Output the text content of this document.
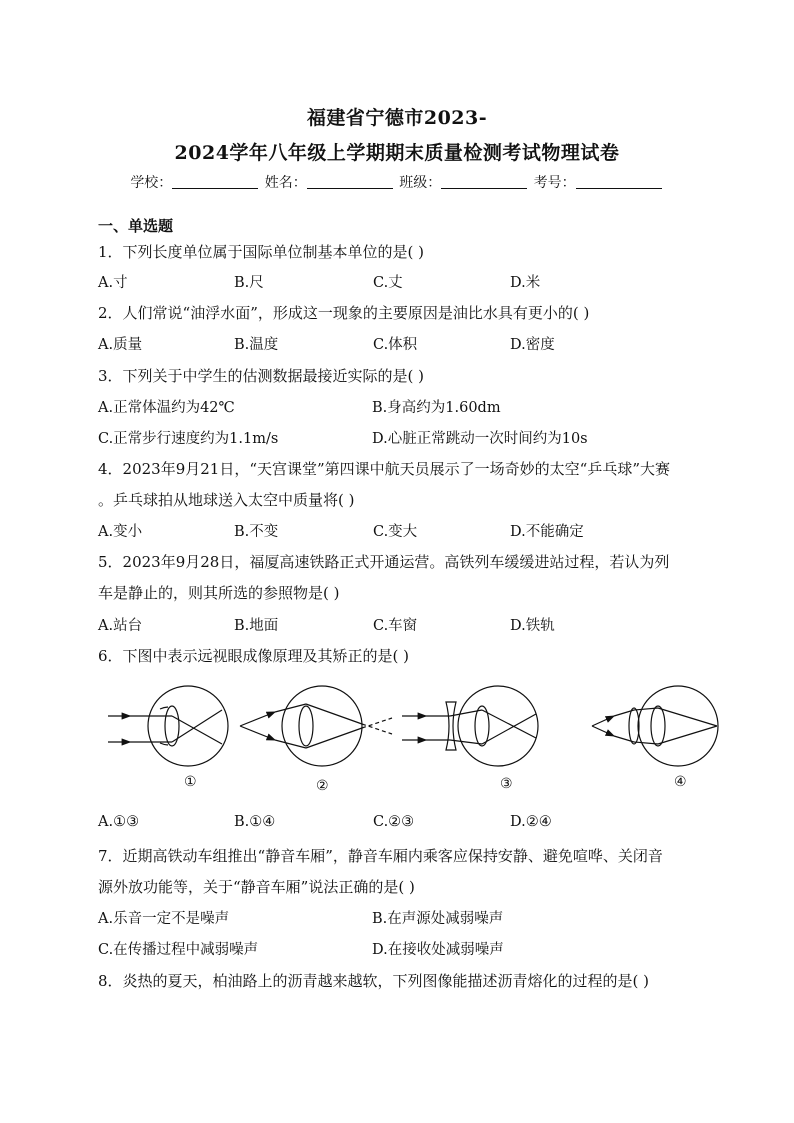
福建省宁德市2023-
2024学年八年级上学期期末质量检测考试物理试卷
学校：	姓名：	班级：	考号：
一、单选题
1．下列长度单位属于国际单位制基本单位的是( )
A.寸	B.尺	C.丈	D.米
2．人们常说“油浮水面”，形成这一现象的主要原因是油比水具有更小的( )
A.质量	B.温度	C.体积	D.密度
3．下列关于中学生的估测数据最接近实际的是( )
A.正常体温约为42℃	B.身高约为1.60dm
C.正常步行速度约为1.1m/s	D.心脏正常跳动一次时间约为10s
4．2023年9月21日，“天宫课堂”第四课中航天员展示了一场奇妙的太空“乒乓球”大赛
。乒乓球拍从地球送入太空中质量将( )
A.变小	B.不变	C.变大	D.不能确定
5．2023年9月28日，福厦高速铁路正式开通运营。高铁列车缓缓进站过程，若认为列
车是静止的，则其所选的参照物是( )
A.站台	B.地面	C.车窗	D.铁轨
6．下图中表示远视眼成像原理及其矫正的是( )
①	②	③	④
A.①③	B.①④	C.②③	D.②④
7．近期高铁动车组推出“静音车厢”，静音车厢内乘客应保持安静、避免喧哗、关闭音
源外放功能等，关于“静音车厢”说法正确的是( )
A.乐音一定不是噪声	B.在声源处减弱噪声
C.在传播过程中减弱噪声	D.在接收处减弱噪声
8．炎热的夏天，柏油路上的沥青越来越软，下列图像能描述沥青熔化的过程的是( )
